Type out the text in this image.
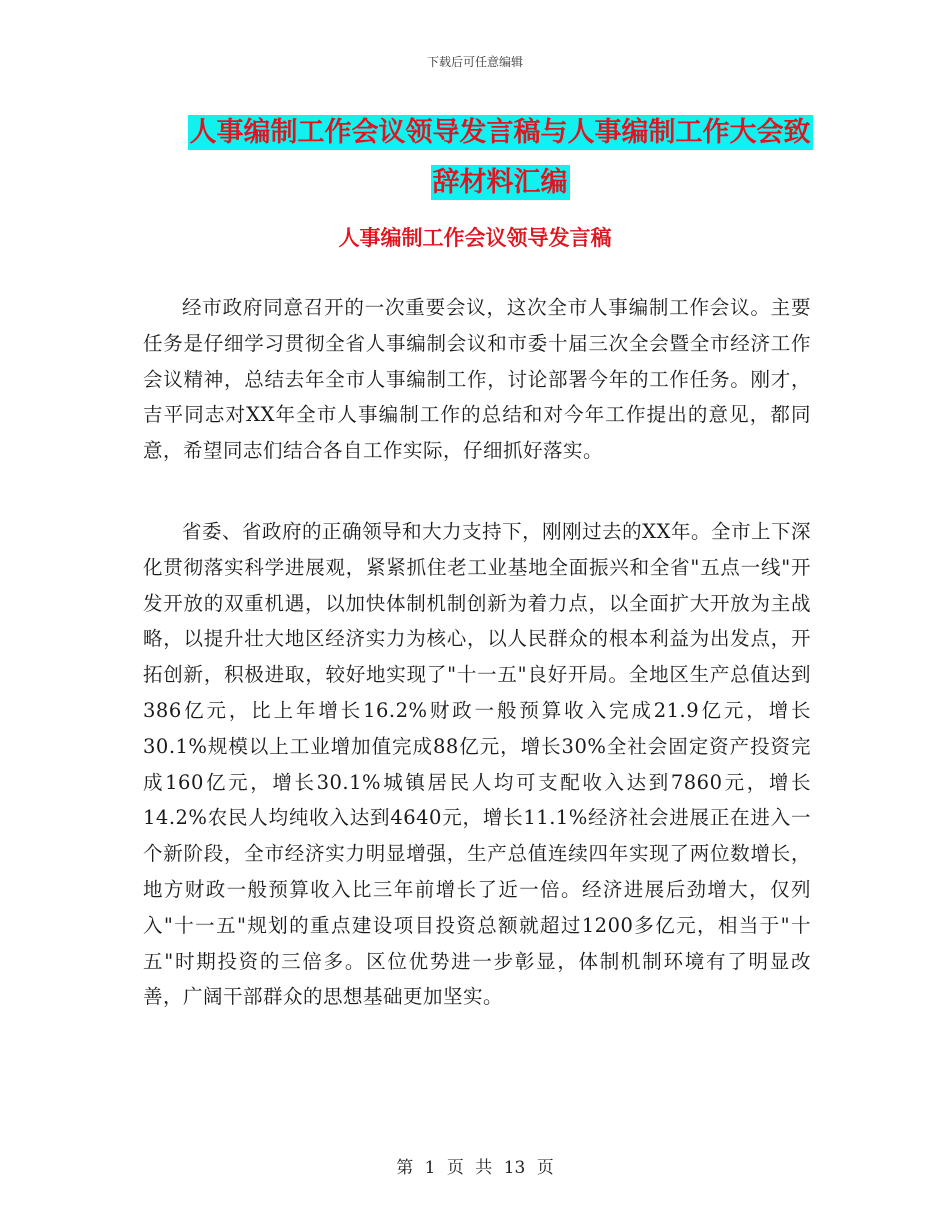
下载后可任意编辑
人事编制工作会议领导发言稿与人事编制工作大会致
辞材料汇编
人事编制工作会议领导发言稿

经市政府同意召开的一次重要会议，这次全市人事编制工作会议。主要任务是仔细学习贯彻全省人事编制会议和市委十届三次全会暨全市经济工作会议精神，总结去年全市人事编制工作，讨论部署今年的工作任务。刚才，吉平同志对XX年全市人事编制工作的总结和对今年工作提出的意见，都同意，希望同志们结合各自工作实际，仔细抓好落实。

省委、省政府的正确领导和大力支持下，刚刚过去的XX年。全市上下深化贯彻落实科学进展观，紧紧抓住老工业基地全面振兴和全省"五点一线"开发开放的双重机遇，以加快体制机制创新为着力点，以全面扩大开放为主战略，以提升壮大地区经济实力为核心，以人民群众的根本利益为出发点，开拓创新，积极进取，较好地实现了"十一五"良好开局。全地区生产总值达到386亿元，比上年增长16.2%财政一般预算收入完成21.9亿元，增长30.1%规模以上工业增加值完成88亿元，增长30%全社会固定资产投资完成160亿元，增长30.1%城镇居民人均可支配收入达到7860元，增长14.2%农民人均纯收入达到4640元，增长11.1%经济社会进展正在进入一个新阶段，全市经济实力明显增强，生产总值连续四年实现了两位数增长，地方财政一般预算收入比三年前增长了近一倍。经济进展后劲增大，仅列入"十一五"规划的重点建设项目投资总额就超过1200多亿元，相当于"十五"时期投资的三倍多。区位优势进一步彰显，体制机制环境有了明显改善，广阔干部群众的思想基础更加坚实。

第 1 页 共 13 页
